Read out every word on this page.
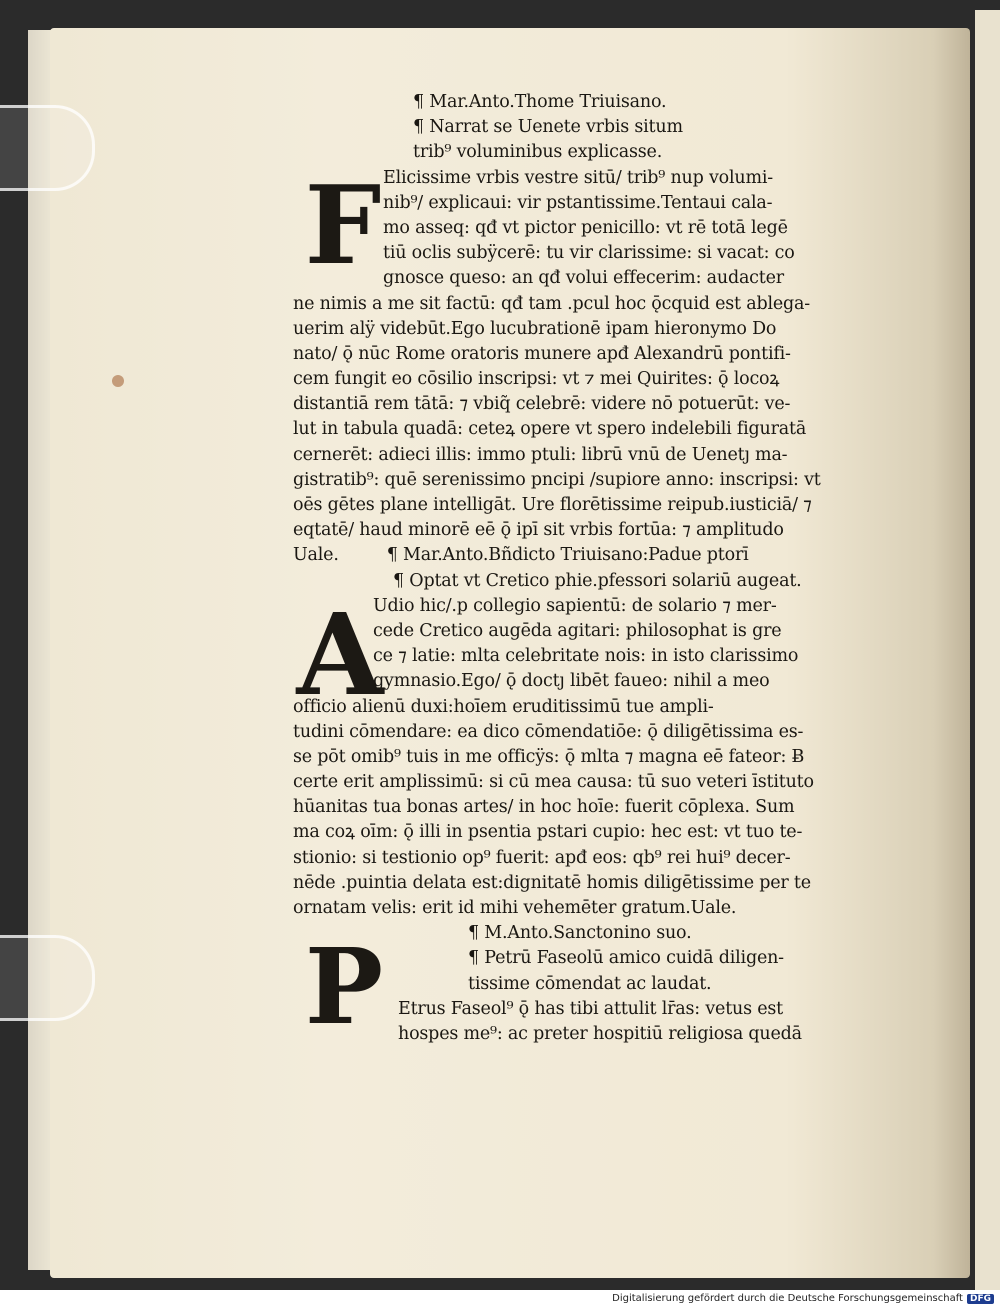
F
A
P
¶ Mar.Anto.Thome Triuisano.
¶ Narrat se Uenete vrbis situm
trib⁹ voluminibus explicasse.
Elicissime vrbis vestre sitū/ trib⁹ nup volumi-
nib⁹/ explicaui: vir pstantissime.Tentaui cala-
mo asseq: qđ vt pictor penicillo: vt rē totā legē
tiū oclis subÿcerē: tu vir clarissime: si vacat: co
gnosce queso: an qđ volui effecerim: audacter
ne nimis a me sit factū: qđ tam .pcul hoc ǭcquid est ablega-
uerim alÿ videbūt.Ego lucubrationē ipam hieronymo Do
nato/ ǭ nūc Rome oratoris munere apđ Alexandrū pontifi-
cem fungit eo cōsilio inscripsi: vt ⁊ mei Quirites: ǭ locoꝝ
distantiā rem tātā: ⁊ vbiq̃ celebrē: videre nō potuerūt: ve-
lut in tabula quadā: ceteꝝ opere vt spero indelebili figuratā
cernerēt: adieci illis: immo ptuli: librū vnū de Uenetȷ ma-
gistratib⁹: quē serenissimo pncipi /supiore anno: inscripsi: vt
oēs gētes plane intelligāt. Ure florētissime reipub.iusticiā/ ⁊
eqtatē/ haud minorē eē ǭ ipī sit vrbis fortūa: ⁊ amplitudo
Uale.	¶ Mar.Anto.Bñdicto Triuisano:Padue ptorī
¶ Optat vt Cretico phie.pfessori solariū augeat.
Udio hic/.p collegio sapientū: de solario ⁊ mer-
cede Cretico augēda agitari: philosophat is gre
ce ⁊ latie: mlta celebritate nois: in isto clarissimo
gymnasio.Ego/ ǭ doctȷ libēt faueo: nihil a meo
officio alienū duxi:hoīem eruditissimū tue ampli-
tudini cōmendare: ea dico cōmendatiōe: ǭ diligētissima es-
se pōt omib⁹ tuis in me officÿs: ǭ mlta ⁊ magna eē fateor: Ƀ
certe erit amplissimū: si cū mea causa: tū suo veteri īstituto
hūanitas tua bonas artes/ in hoc hoīe: fuerit cōplexa. Sum
ma coꝝ oīm: ǭ illi in psentia pstari cupio: hec est: vt tuo te-
stionio: si testionio op⁹ fuerit: apđ eos: qb⁹ rei hui⁹ decer-
nēde .puintia delata est:dignitatē homis diligētissime per te
ornatam velis: erit id mihi vehemēter gratum.Uale.
¶ M.Anto.Sanctonino suo.
¶ Petrū Faseolū amico cuidā diligen-
tissime cōmendat ac laudat.
Etrus Faseol⁹ ǭ has tibi attulit lr̄as: vetus est
hospes me⁹: ac preter hospitiū religiosa quedā
Digitalisierung gefördert durch die Deutsche Forschungsgemeinschaft DFG
